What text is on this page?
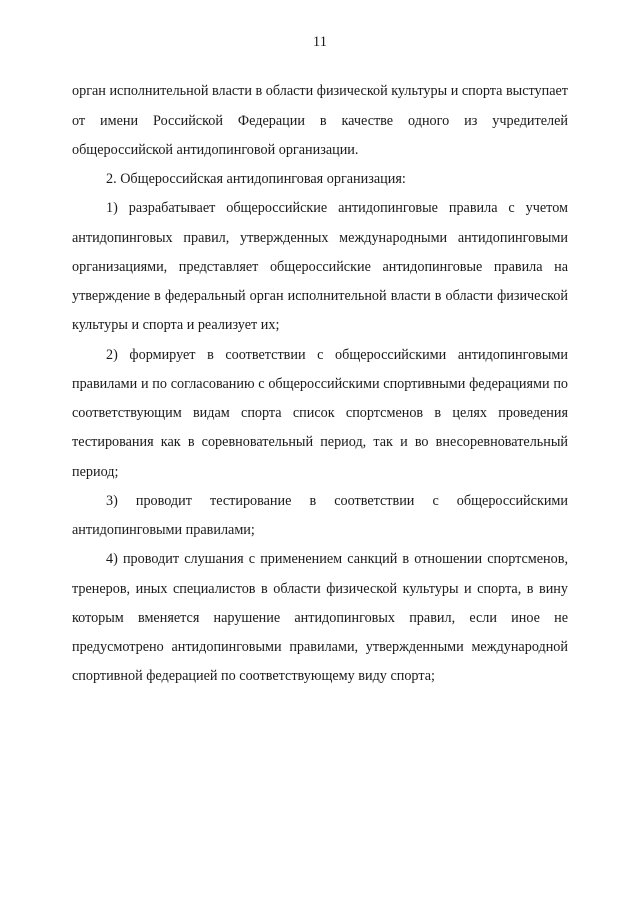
11

орган исполнительной власти в области физической культуры и спорта выступает от имени Российской Федерации в качестве одного из учредителей общероссийской антидопинговой организации.

2. Общероссийская антидопинговая организация:

1) разрабатывает общероссийские антидопинговые правила с учетом антидопинговых правил, утвержденных международными антидопинговыми организациями, представляет общероссийские антидопинговые правила на утверждение в федеральный орган исполнительной власти в области физической культуры и спорта и реализует их;

2) формирует в соответствии с общероссийскими антидопинговыми правилами и по согласованию с общероссийскими спортивными федерациями по соответствующим видам спорта список спортсменов в целях проведения тестирования как в соревновательный период, так и во внесоревновательный период;

3) проводит тестирование в соответствии с общероссийскими антидопинговыми правилами;

4) проводит слушания с применением санкций в отношении спортсменов, тренеров, иных специалистов в области физической культуры и спорта, в вину которым вменяется нарушение антидопинговых правил, если иное не предусмотрено антидопинговыми правилами, утвержденными международной спортивной федерацией по соответствующему виду спорта;
